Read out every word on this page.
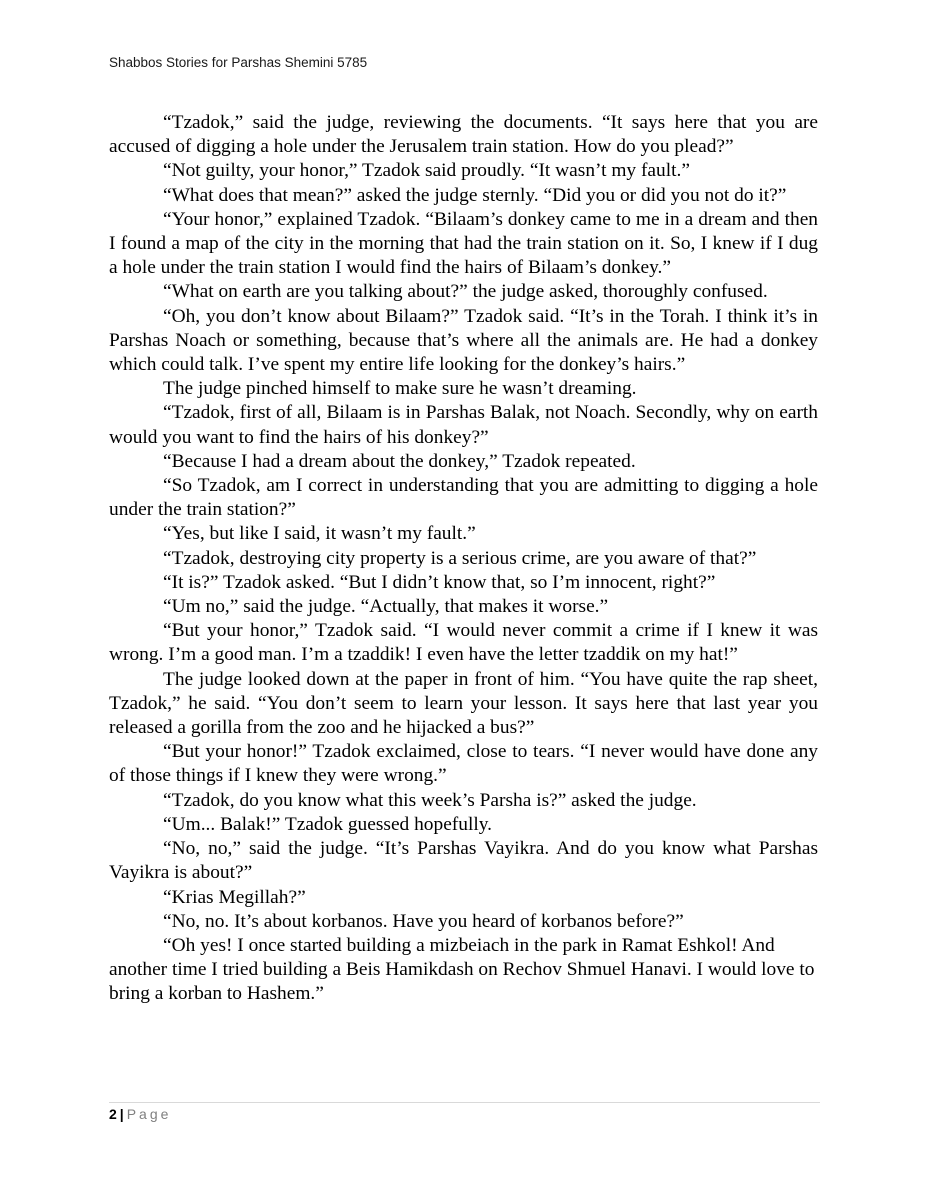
Shabbos Stories for Parshas Shemini 5785

“Tzadok,” said the judge, reviewing the documents. “It says here that you are accused of digging a hole under the Jerusalem train station. How do you plead?”

“Not guilty, your honor,” Tzadok said proudly. “It wasn’t my fault.”

“What does that mean?” asked the judge sternly. “Did you or did you not do it?”

“Your honor,” explained Tzadok. “Bilaam’s donkey came to me in a dream and then I found a map of the city in the morning that had the train station on it. So, I knew if I dug a hole under the train station I would find the hairs of Bilaam’s donkey.”

“What on earth are you talking about?” the judge asked, thoroughly confused.

“Oh, you don’t know about Bilaam?” Tzadok said. “It’s in the Torah. I think it’s in Parshas Noach or something, because that’s where all the animals are. He had a donkey which could talk. I’ve spent my entire life looking for the donkey’s hairs.”

The judge pinched himself to make sure he wasn’t dreaming.

“Tzadok, first of all, Bilaam is in Parshas Balak, not Noach. Secondly, why on earth would you want to find the hairs of his donkey?”

“Because I had a dream about the donkey,” Tzadok repeated.

“So Tzadok, am I correct in understanding that you are admitting to digging a hole under the train station?”

“Yes, but like I said, it wasn’t my fault.”

“Tzadok, destroying city property is a serious crime, are you aware of that?”

“It is?” Tzadok asked. “But I didn’t know that, so I’m innocent, right?”

“Um no,” said the judge. “Actually, that makes it worse.”

“But your honor,” Tzadok said. “I would never commit a crime if I knew it was wrong. I’m a good man. I’m a tzaddik! I even have the letter tzaddik on my hat!”

The judge looked down at the paper in front of him. “You have quite the rap sheet, Tzadok,” he said. “You don’t seem to learn your lesson. It says here that last year you released a gorilla from the zoo and he hijacked a bus?”

“But your honor!” Tzadok exclaimed, close to tears. “I never would have done any of those things if I knew they were wrong.”

“Tzadok, do you know what this week’s Parsha is?” asked the judge.

“Um... Balak!” Tzadok guessed hopefully.

“No, no,” said the judge. “It’s Parshas Vayikra. And do you know what Parshas Vayikra is about?”

“Krias Megillah?”

“No, no. It’s about korbanos. Have you heard of korbanos before?”

“Oh yes! I once started building a mizbeiach in the park in Ramat Eshkol! And another time I tried building a Beis Hamikdash on Rechov Shmuel Hanavi. I would love to bring a korban to Hashem.”

2 | Page
